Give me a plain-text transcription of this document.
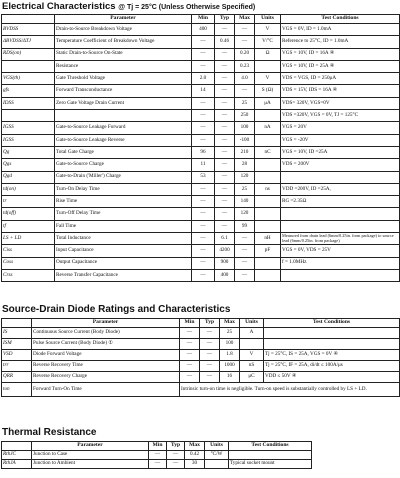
Electrical Characteristics @ Tj = 25°C (Unless Otherwise Specified)
	Parameter	Min	Typ	Max	Units	Test Conditions
BVDSS	Drain-to-Source Breakdown Voltage	400	—	—	V	VGS = 0V, ID = 1.0mA
ΔBVDSS/ΔTJ	Temperature Coefficient of Breakdown Voltage	—	0.46	—	V/°C	Reference to 25°C, ID = 1.0mA
RDS(on)	Static Drain-to-Source On-State	—	—	0.20	Ω	VGS = 10V, ID = 16A ④
	Resistance	—	—	0.23		VGS = 10V, ID = 25A ④
VGS(th)	Gate Threshold Voltage	2.0	—	4.0	V	VDS = VGS, ID = 250μA
gfs	Forward Transconductance	14	—	—	S (Ω)	VDS = 15V, IDS = 16A ④
IDSS	Zero Gate Voltage Drain Current	—	—	25	μA	VDS= 320V, VGS=0V
		—	—	250		VDS =320V, VGS = 0V, TJ = 125°C
IGSS	Gate-to-Source Leakage Forward	—	—	100	nA	VGS = 20V
IGSS	Gate-to-Source Leakage Reverse	—	—	-100		VGS = -20V
Qg	Total Gate Charge	96	—	210	nC	VGS = 10V, ID =25A
Qgs	Gate-to-Source Charge	11	—	28		VDS = 200V
Qgd	Gate-to-Drain ('Miller') Charge	53	—	120		
td(on)	Turn-On Delay Time	—	—	25	ns	VDD =200V, ID =25A,
tr	Rise Time	—	—	140		RG =2.35Ω
td(off)	Turn-Off Delay Time	—	—	120		
tf	Fall Time	—	—	99		
LS + LD	Total Inductance	—	6.1	—	nH	Measured from drain lead (6mm/0.25in. from package) to source lead (6mm/0.25in. from package)
Ciss	Input Capacitance	—	4200	—	pF	VGS = 0V, VDS = 25V
Coss	Output Capacitance	—	900	—		f = 1.0MHz
Crss	Reverse Transfer Capacitance	—	400	—		
Source-Drain Diode Ratings and Characteristics
	Parameter	Min	Typ	Max	Units	Test Conditions
IS	Continuous Source Current (Body Diode)	—	—	25	A	
ISM	Pulse Source Current (Body Diode) ①	—	—	100		
VSD	Diode Forward Voltage	—	—	1.8	V	Tj = 25°C, IS = 25A, VGS = 0V ④
trr	Reverse Recovery Time	—	—	1000	nS	Tj = 25°C, IF = 25A, di/dt ≤ 100A/μs
QRR	Reverse Recovery Charge	—	—	16	μC	VDD ≤ 50V ④
ton	Forward Turn-On Time	Intrinsic turn-on time is negligible. Turn-on speed is substantially controlled by LS + LD.				
Thermal Resistance
	Parameter	Min	Typ	Max	Units	Test Conditions
RthJC	Junction to Case	—	—	0.42	°C/W	
RthJA	Junction to Ambient	—	—	30		Typical socket mount
